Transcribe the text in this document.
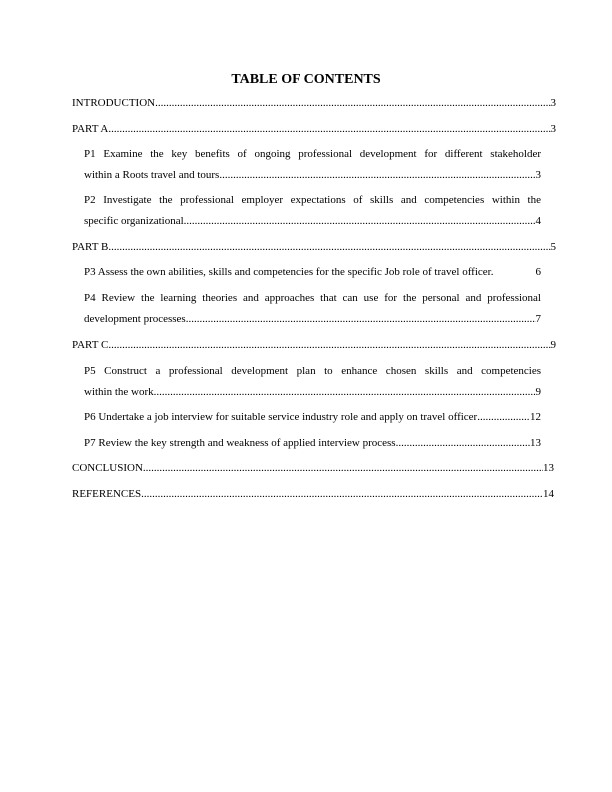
TABLE OF CONTENTS
INTRODUCTION .....	3
PART A .....	3
P1 Examine the key benefits of ongoing professional development for different stakeholder
within a Roots travel and tours .....	3
P2 Investigate the professional employer expectations of skills and competencies within the
specific organizational .....	4
PART B .....	5
P3 Assess the own abilities, skills and competencies for the specific Job role of travel officer.	6
P4 Review the learning theories and approaches that can use for the personal and professional
development processes .....	7
PART C .....	9
P5 Construct a professional development plan to enhance chosen skills and competencies
within the work .....	9
P6 Undertake a job interview for suitable service industry role and apply on travel officer .....	12
P7 Review the key strength and weakness of applied interview process .....	13
CONCLUSION .....	13
REFERENCES .....	14
